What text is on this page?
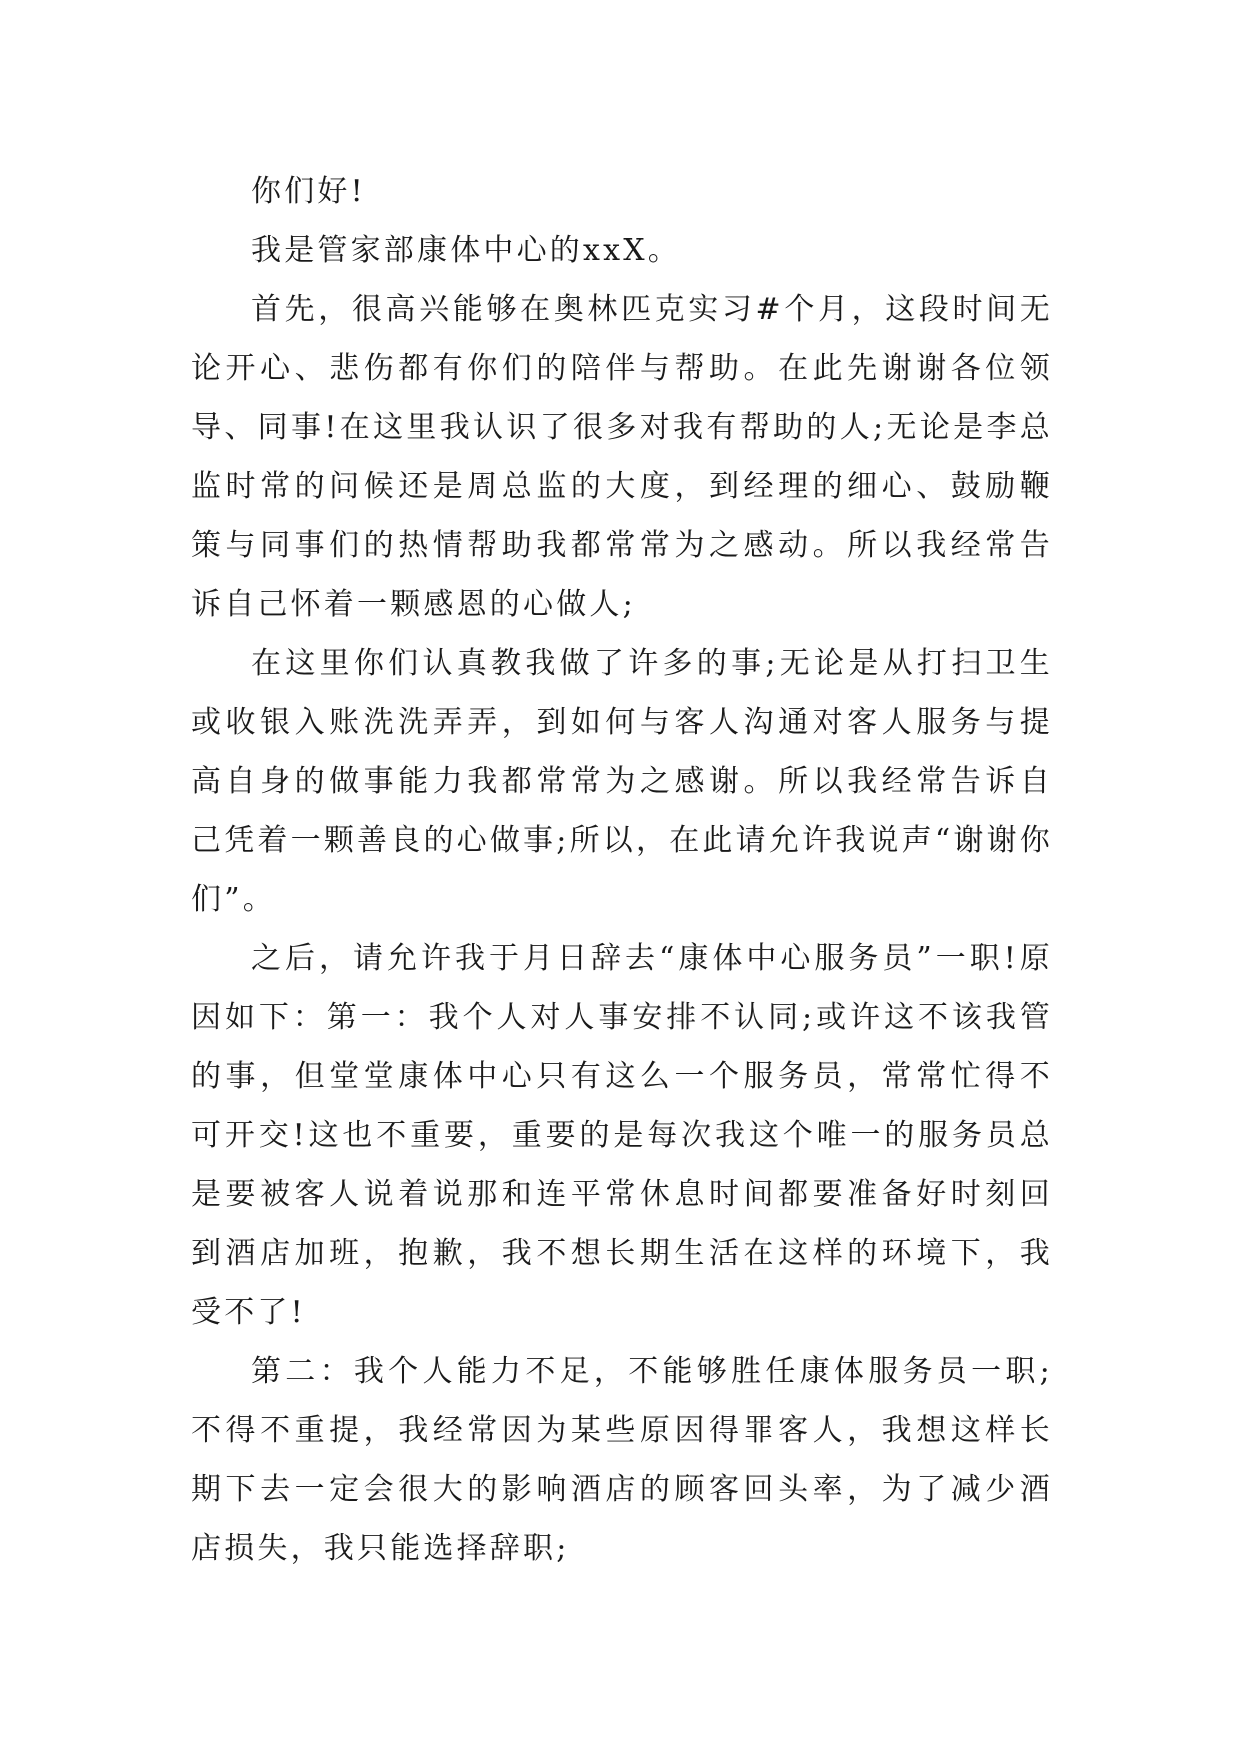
你们好!

我是管家部康体中心的xxX。

首先，很高兴能够在奥林匹克实习#个月，这段时间无论开心、悲伤都有你们的陪伴与帮助。在此先谢谢各位领导、同事!在这里我认识了很多对我有帮助的人;无论是李总监时常的问候还是周总监的大度，到经理的细心、鼓励鞭策与同事们的热情帮助我都常常为之感动。所以我经常告诉自己怀着一颗感恩的心做人;

在这里你们认真教我做了许多的事;无论是从打扫卫生或收银入账洗洗弄弄，到如何与客人沟通对客人服务与提高自身的做事能力我都常常为之感谢。所以我经常告诉自己凭着一颗善良的心做事;所以，在此请允许我说声“谢谢你们”。

之后，请允许我于月日辞去“康体中心服务员”一职!原因如下：第一：我个人对人事安排不认同;或许这不该我管的事，但堂堂康体中心只有这么一个服务员，常常忙得不可开交!这也不重要，重要的是每次我这个唯一的服务员总是要被客人说着说那和连平常休息时间都要准备好时刻回到酒店加班，抱歉，我不想长期生活在这样的环境下，我受不了!

第二：我个人能力不足，不能够胜任康体服务员一职;不得不重提，我经常因为某些原因得罪客人，我想这样长期下去一定会很大的影响酒店的顾客回头率，为了减少酒店损失，我只能选择辞职;
